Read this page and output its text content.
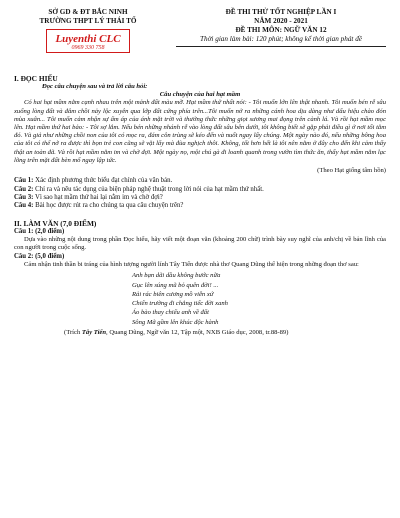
SỞ GD & ĐT BẮC NINH
TRƯỜNG THPT LÝ THÁI TỔ
Luyenthi CLC
0969 330 758
ĐỀ THI THỬ TỐT NGHIỆP LẦN I
NĂM 2020 - 2021
ĐỀ THI MÔN: NGỮ VĂN 12
Thời gian làm bài: 120 phút; không kể thời gian phát đề
I. ĐỌC HIỂU
Đọc câu chuyện sau và trả lời câu hỏi:
Câu chuyện của hai hạt mầm
Có hai hạt mầm nằm cạnh nhau trên một mảnh đất màu mỡ. Hạt mầm thứ nhất nói: - Tôi muốn lớn lên thật nhanh. Tôi muốn bén rễ sâu xuống lòng đất và đâm chồi nảy lộc xuyên qua lớp đất cứng phía trên...Tôi muốn nở ra những cánh hoa dịu dàng như dấu hiệu chào đón mùa xuân... Tôi muốn cảm nhận sự ấm áp của ánh mặt trời và thưởng thức những giọt sương mai đọng trên cành lá. Và rồi hạt mầm mọc lên. Hạt mầm thứ hai bảo: - Tôi sợ lắm. Nếu bén những nhánh rễ vào lòng đất sâu bên dưới, tôi không biết sẽ gặp phải điều gì ở nơi tối tăm đó. Và giả như những chồi non của tôi có mọc ra, đám côn trùng sẽ kéo đến và nuốt ngay lấy chúng. Một ngày nào đó, nếu những bông hoa của tôi có thể nở ra được thì bọn trẻ con cũng sẽ vặt lấy mà đùa nghịch thôi. Không, tốt hơn hết là tôi nên nằm ở đây cho đến khi cảm thấy thật an toàn đã. Và rồi hạt mầm nằm im và chờ đợi. Một ngày nọ, một chú gà đi loanh quanh trong vườn tìm thức ăn, thấy hạt mầm nằm lạc lõng trên mặt đất bèn mổ ngay lập tức.
(Theo Hạt giống tâm hồn)
Câu 1: Xác định phương thức biểu đạt chính của văn bản.
Câu 2: Chỉ ra và nêu tác dụng của biện pháp nghệ thuật trong lời nói của hạt mầm thứ nhất.
Câu 3: Vì sao hạt mầm thứ hai lại nằm im và chờ đợi?
Câu 4: Bài học được rút ra cho chúng ta qua câu chuyện trên?
II. LÀM VĂN (7,0 ĐIỂM)
Câu 1: (2,0 điểm)
Dựa vào những nội dung trong phần Đọc hiểu, hãy viết một đoạn văn (khoảng 200 chữ) trình bày suy nghĩ của anh/chị về bản lĩnh của con người trong cuộc sống.
Câu 2: (5,0 điểm)
Cảm nhận tinh thần bi tráng của hình tượng người lính Tây Tiến được nhà thơ Quang Dũng thể hiện trong những đoạn thơ sau:
Anh bạn dãi dầu không bước nữa
Gục lên súng mũ bỏ quên đời! ...
Rải rác biên cương mồ viễn xứ
Chiến trường đi chẳng tiếc đời xanh
Áo bào thay chiếu anh về đất
Sông Mã gầm lên khúc độc hành
(Trích Tây Tiến, Quang Dũng, Ngữ văn 12, Tập một, NXB Giáo dục, 2008, tr.88-89)
